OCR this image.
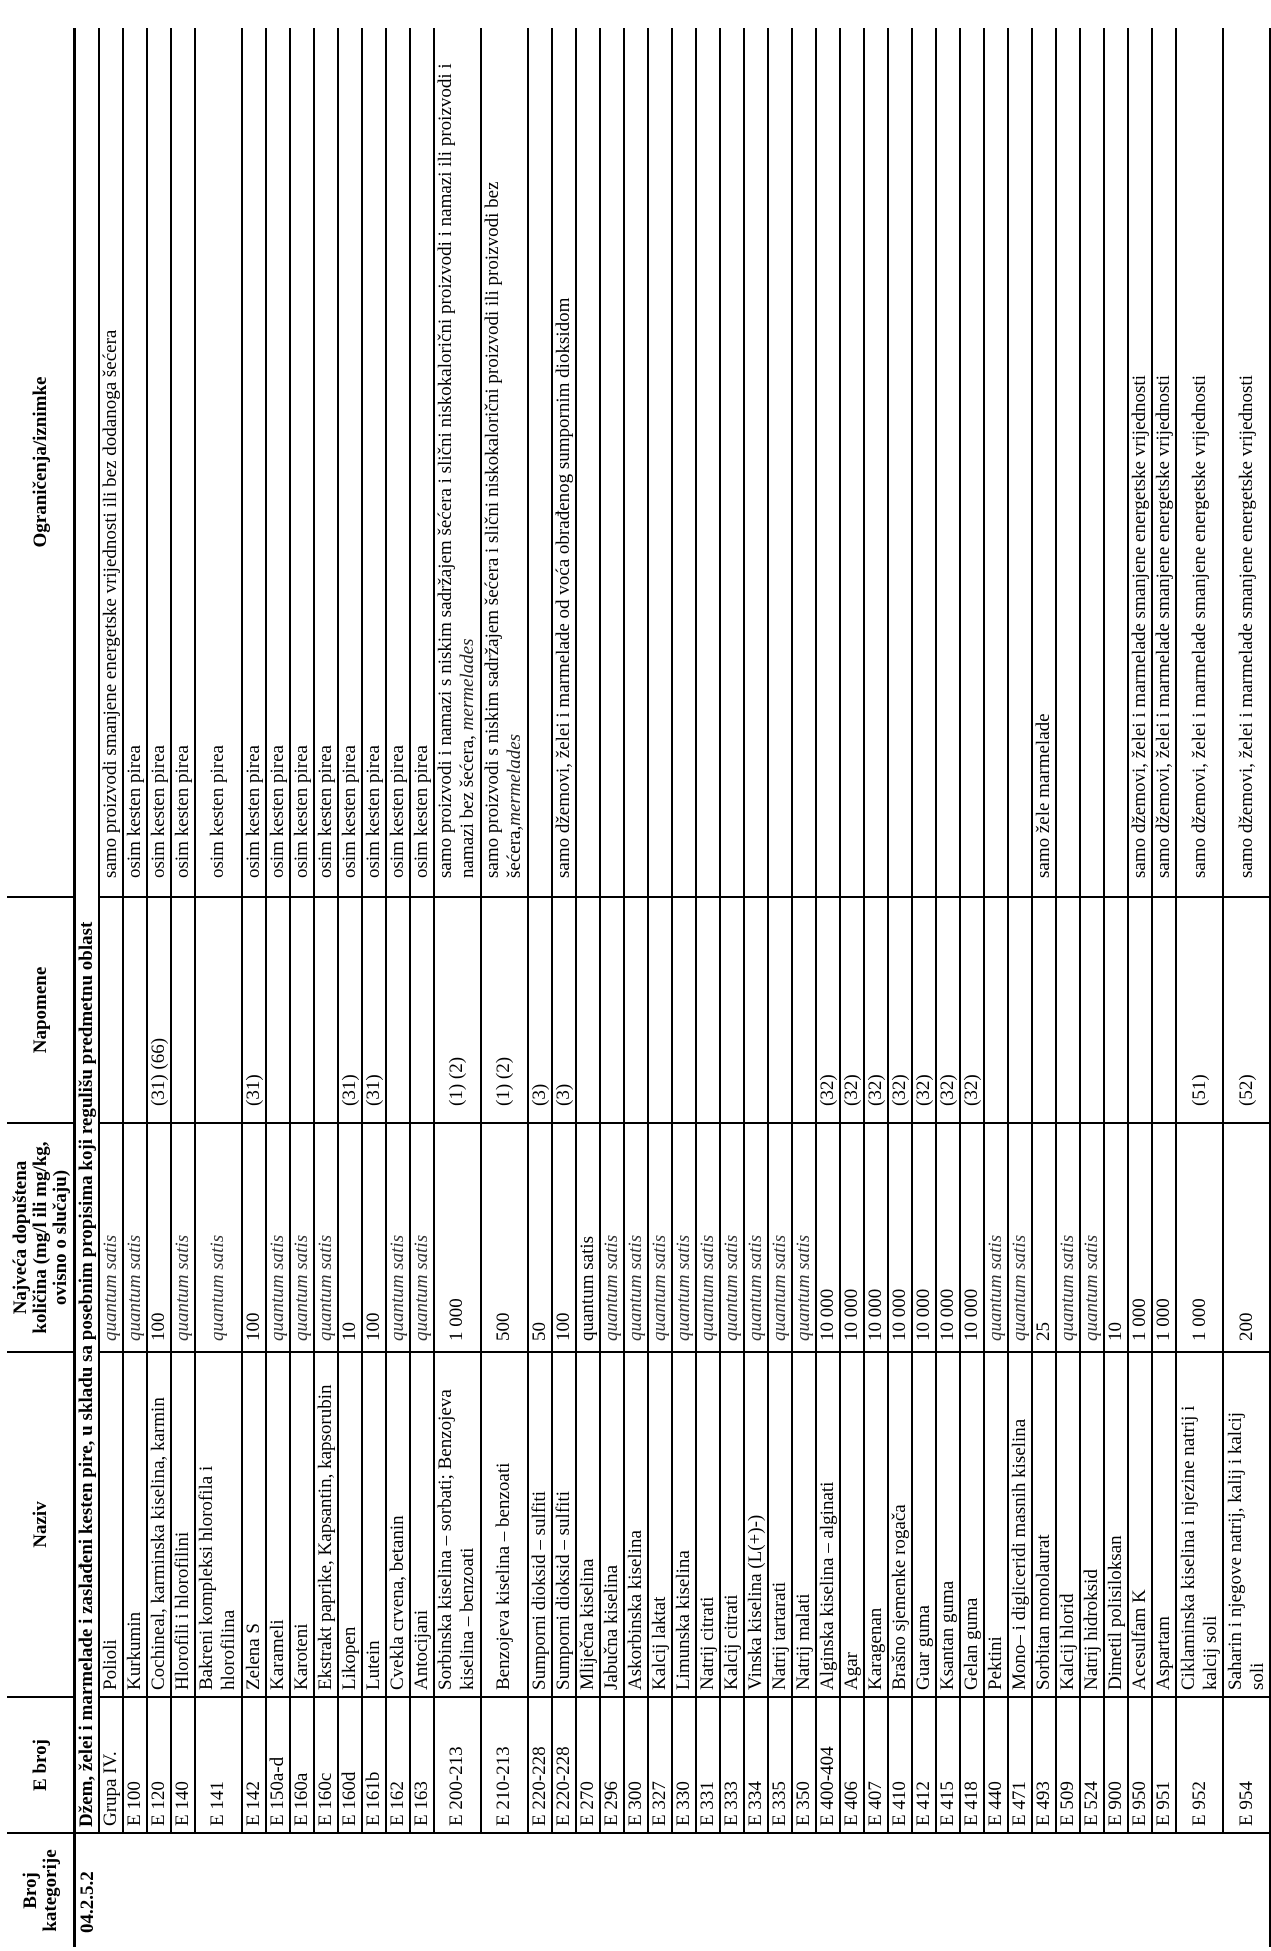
Broj
kategorije	E broj	Naziv	Najveća dopuštena
količina (mg/l ili mg/kg,
ovisno o slučaju)	Napomene	Ograničenja/iznimke
04.2.5.2	Džem, želei i marmelade i zaslađeni kesten pire, u skladu sa posebnim propisima koji regulišu predmetnu oblast				
	Grupa IV.	Polioli	quantum satis		samo proizvodi smanjene energetske vrijednosti ili bez dodanoga šećera
	E 100	Kurkumin	quantum satis		osim kesten pirea
	E 120	Cochineal, karminska kiselina, karmin	100	(31) (66)	osim kesten pirea
	E 140	Hlorofili i hlorofilini	quantum satis		osim kesten pirea
	E 141	Bakreni kompleksi hlorofila i
hlorofilina	quantum satis		osim kesten pirea
	E 142	Zelena S	100	(31)	osim kesten pirea
	E 150a-d	Karameli	quantum satis		osim kesten pirea
	E 160a	Karoteni	quantum satis		osim kesten pirea
	E 160c	Ekstrakt paprike, Kapsantin, kapsorubin	quantum satis		osim kesten pirea
	E 160d	Likopen	10	(31)	osim kesten pirea
	E 161b	Lutein	100	(31)	osim kesten pirea
	E 162	Cvekla crvena, betanin	quantum satis		osim kesten pirea
	E 163	Antocijani	quantum satis		osim kesten pirea
	E 200-213	Sorbinska kiselina – sorbati; Benzojeva
kiselina – benzoati	1 000	(1) (2)	samo proizvodi i namazi s niskim sadržajem šećera i slični niskokalorični proizvodi i namazi ili proizvodi i
namazi bez šećera, mermelades
	E 210-213	Benzojeva kiselina – benzoati	500	(1) (2)	samo proizvodi s niskim sadržajem šećera i slični niskokalorični proizvodi ili proizvodi bez
šećera,mermelades
	E 220-228	Sumporni dioksid – sulfiti	50	(3)	
	E 220-228	Sumporni dioksid – sulfiti	100	(3)	samo džemovi, želei i marmelade od voća obrađenog sumpornim dioksidom
	E 270	Mliječna kiselina	quantum satis		
	E 296	Jabučna kiselina	quantum satis		
	E 300	Askorbinska kiselina	quantum satis		
	E 327	Kalcij laktat	quantum satis		
	E 330	Limunska kiselina	quantum satis		
	E 331	Natrij citrati	quantum satis		
	E 333	Kalcij citrati	quantum satis		
	E 334	Vinska kiselina (L(+)-)	quantum satis		
	E 335	Natrij tartarati	quantum satis		
	E 350	Natrij malati	quantum satis		
	E 400-404	Alginska kiselina – alginati	10 000	(32)	
	E 406	Agar	10 000	(32)	
	E 407	Karagenan	10 000	(32)	
	E 410	Brašno sjemenke rogača	10 000	(32)	
	E 412	Guar guma	10 000	(32)	
	E 415	Ksantan guma	10 000	(32)	
	E 418	Gelan guma	10 000	(32)	
	E 440	Pektini	quantum satis		
	E 471	Mono– i digliceridi masnih kiselina	quantum satis		
	E 493	Sorbitan monolaurat	25		samo žele marmelade
	E 509	Kalcij hlorid	quantum satis		
	E 524	Natrij hidroksid	quantum satis		
	E 900	Dimetil polisiloksan	10		
	E 950	Acesulfam K	1 000		samo džemovi, želei i marmelade smanjene energetske vrijednosti
	E 951	Aspartam	1 000		samo džemovi, želei i marmelade smanjene energetske vrijednosti
	E 952	Ciklaminska kiselina i njezine natrij i
kalcij soli	1 000	(51)	samo džemovi, želei i marmelade smanjene energetske vrijednosti
	E 954	Saharin i njegove natrij, kalij i kalcij
soli	200	(52)	samo džemovi, želei i marmelade smanjene energetske vrijednosti
